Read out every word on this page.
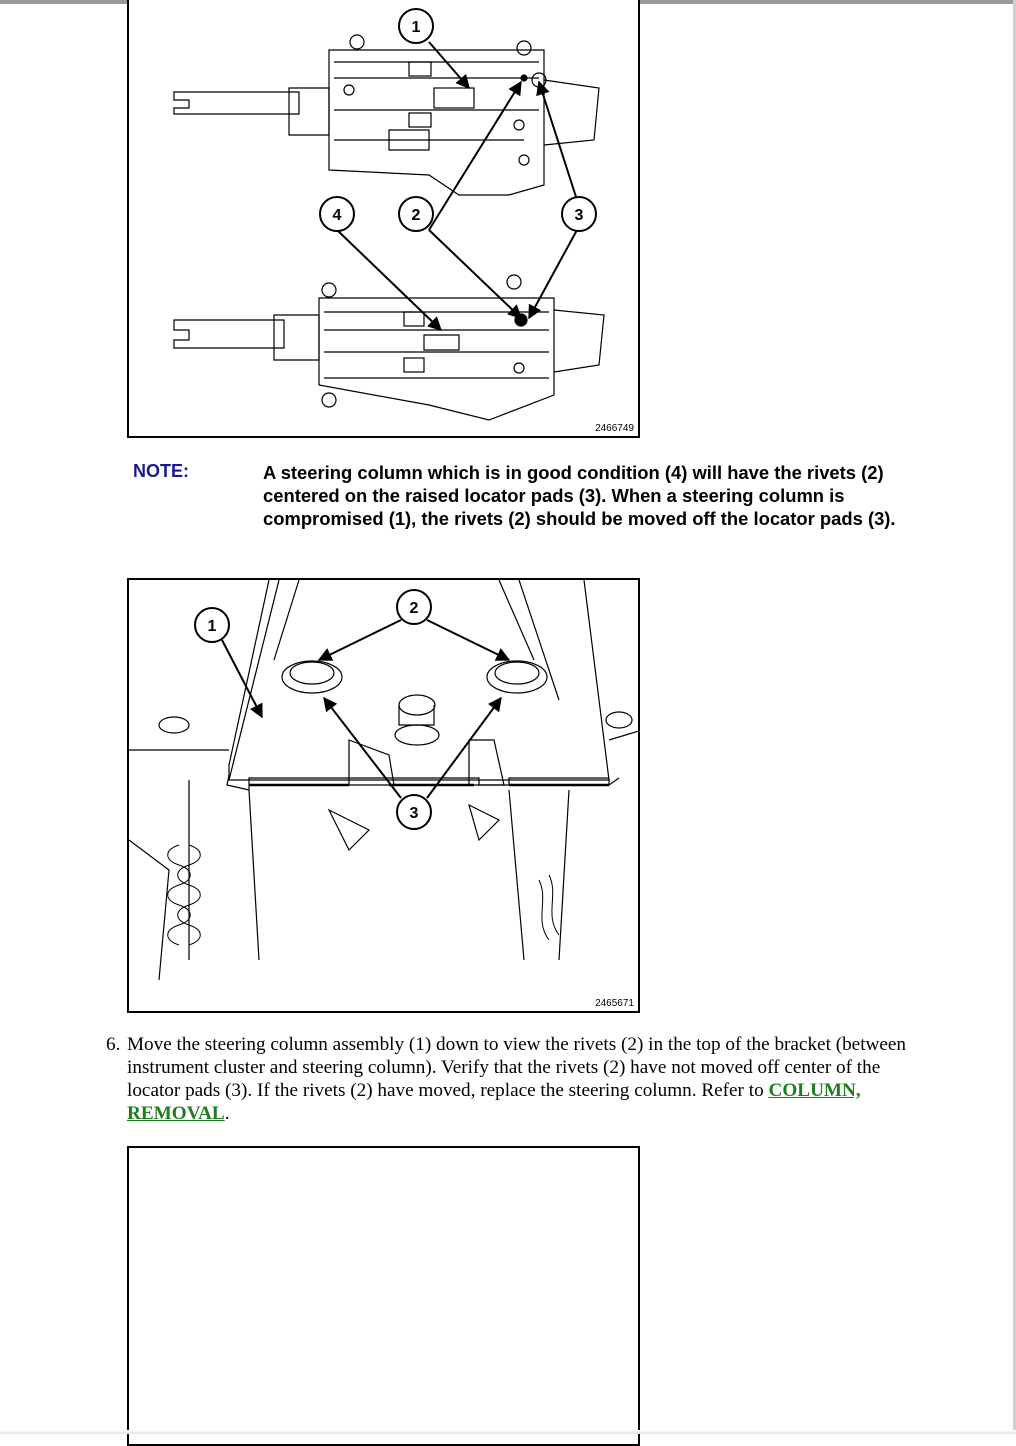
1
4	2	3
2466749
NOTE:	A steering column which is in good condition (4) will have the rivets (2) centered on the raised locator pads (3). When a steering column is compromised (1), the rivets (2) should be moved off the locator pads (3).

1
2
3
2465671

6. Move the steering column assembly (1) down to view the rivets (2) in the top of the bracket (between instrument cluster and steering column). Verify that the rivets (2) have not moved off center of the locator pads (3). If the rivets (2) have moved, replace the steering column. Refer to COLUMN, REMOVAL.
